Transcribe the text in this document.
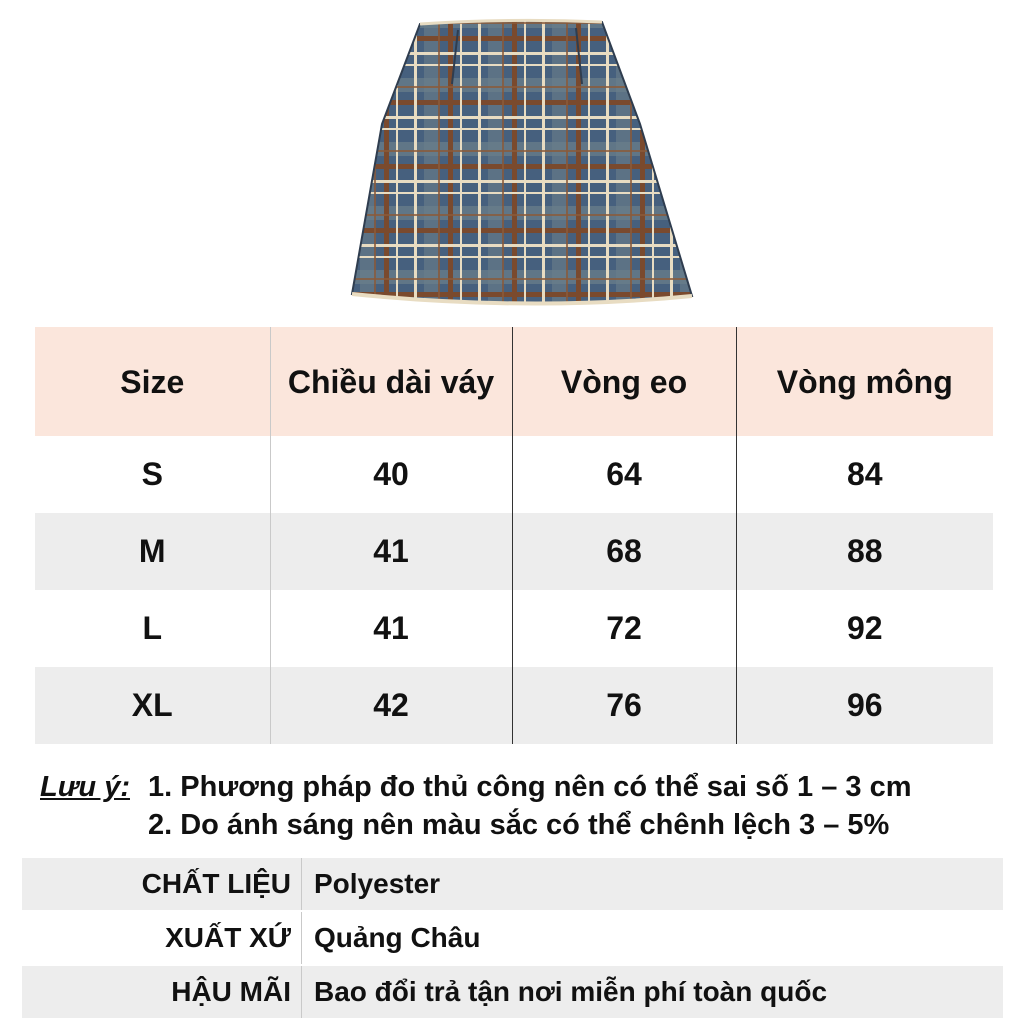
Size	Chiều dài váy	Vòng eo	Vòng mông
S	40	64	84
M	41	68	88
L	41	72	92
XL	42	76	96
Lưu ý: 1. Phương pháp đo thủ công nên có thể sai số 1 – 3 cm
2. Do ánh sáng nên màu sắc có thể chênh lệch 3 – 5%
CHẤT LIỆU Polyester
XUẤT XỨ Quảng Châu
HẬU MÃI Bao đổi trả tận nơi miễn phí toàn quốc
